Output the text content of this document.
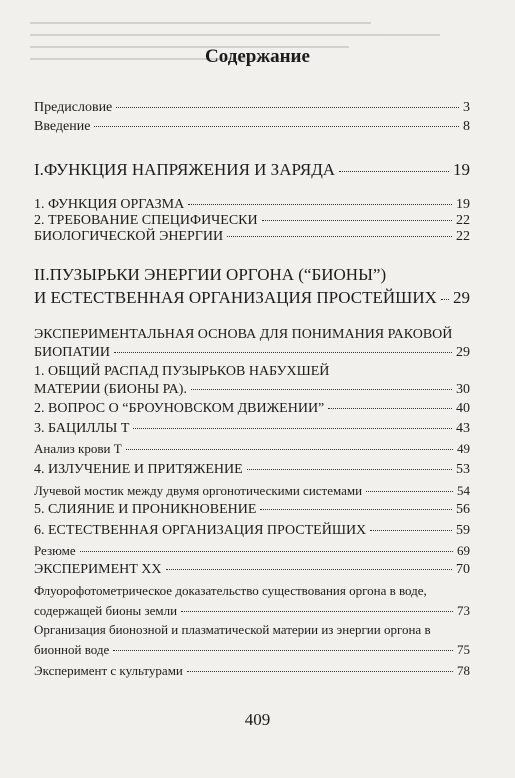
Содержание
Предисловие	3
Введение	8
I.ФУНКЦИЯ НАПРЯЖЕНИЯ И ЗАРЯДА	19
1. ФУНКЦИЯ ОРГАЗМА	19
2. ТРЕБОВАНИЕ СПЕЦИФИЧЕСКИ	22
БИОЛОГИЧЕСКОЙ ЭНЕРГИИ	22
II.ПУЗЫРЬКИ ЭНЕРГИИ ОРГОНА (“БИОНЫ”)
И ЕСТЕСТВЕННАЯ ОРГАНИЗАЦИЯ ПРОСТЕЙШИХ 29
ЭКСПЕРИМЕНТАЛЬНАЯ ОСНОВА ДЛЯ ПОНИМАНИЯ РАКОВОЙ
БИОПАТИИ	29
1. ОБЩИЙ РАСПАД ПУЗЫРЬКОВ НАБУХШЕЙ
МАТЕРИИ (БИОНЫ РА).	30
2. ВОПРОС О “БРОУНОВСКОМ ДВИЖЕНИИ”	40
3. БАЦИЛЛЫ Т	43
Анализ крови Т	49
4. ИЗЛУЧЕНИЕ И ПРИТЯЖЕНИЕ	53
Лучевой мостик между двумя оргонотическими системами	54
5. СЛИЯНИЕ И ПРОНИКНОВЕНИЕ	56
6. ЕСТЕСТВЕННАЯ ОРГАНИЗАЦИЯ ПРОСТЕЙШИХ	59
Резюме	69
ЭКСПЕРИМЕНТ XX	70
Флуорофотометрическое доказательство существования оргона в воде,
содержащей бионы земли	73
Организация бионозной и плазматической материи из энергии оргона в
бионной воде	75
Эксперимент с культурами	78
409
